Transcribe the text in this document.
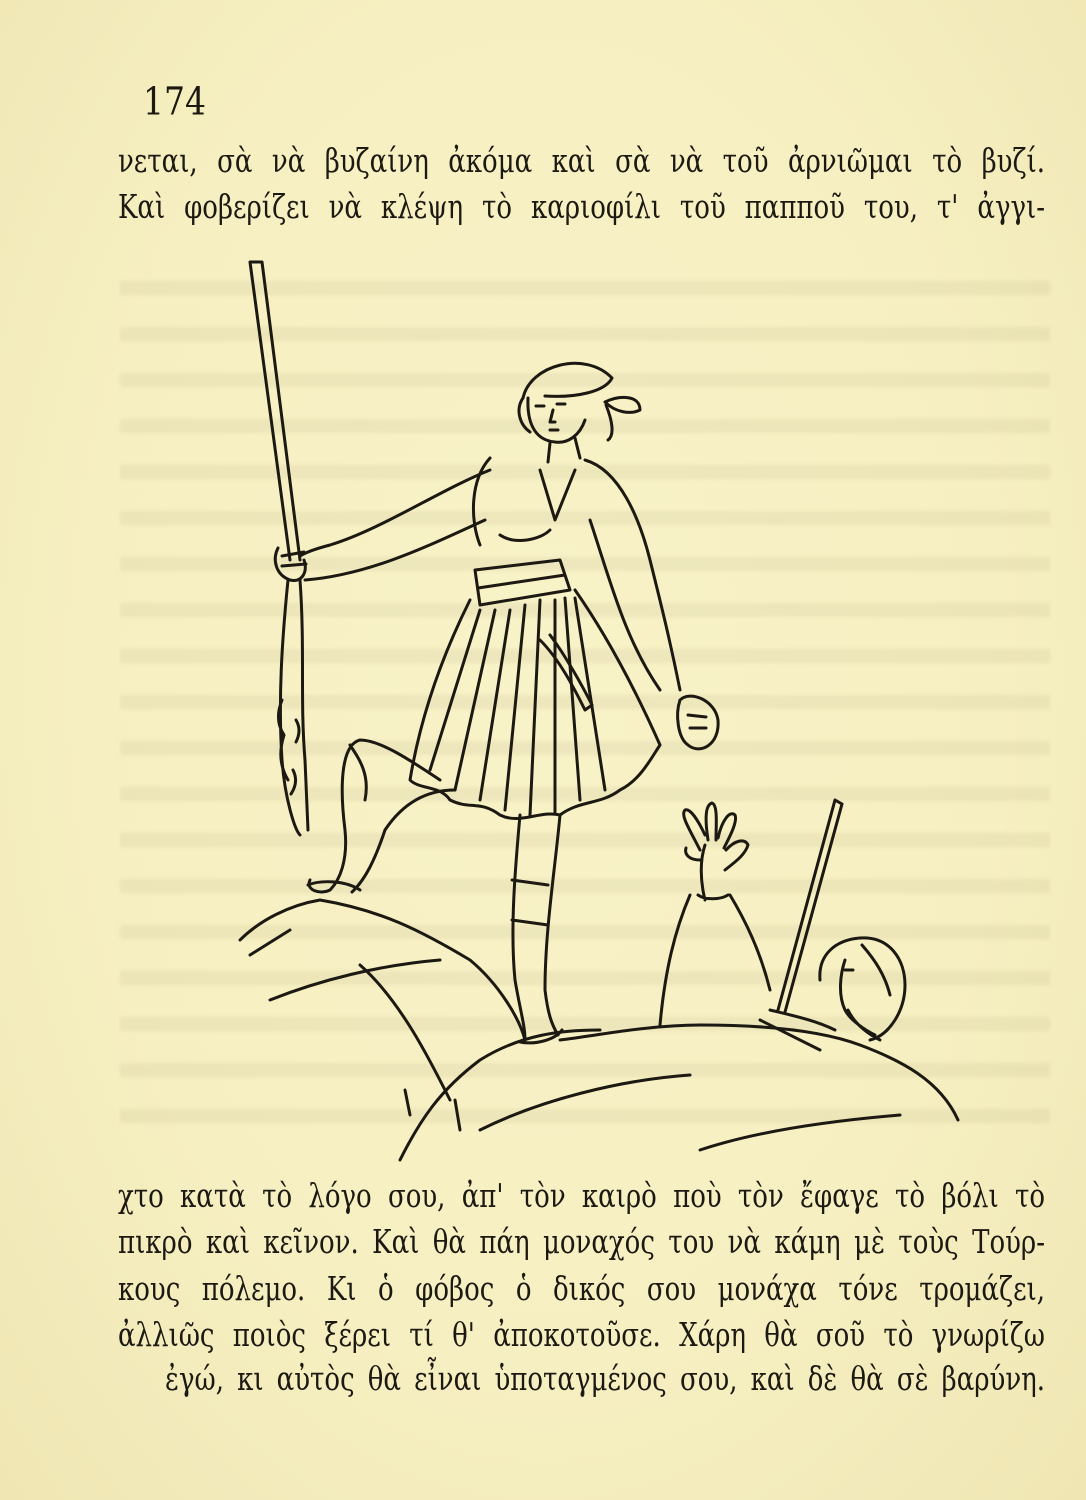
174
νεται, σὰ νὰ βυζαίνη ἀκόμα καὶ σὰ νὰ τοῦ ἀρνιῶμαι τὸ βυζί.
Καὶ φοβερίζει νὰ κλέψη τὸ καριοφίλι τοῦ παπποῦ του, τ' ἀγγι-
χτο κατὰ τὸ λόγο σου, ἀπ' τὸν καιρὸ ποὺ τὸν ἔφαγε τὸ βόλι τὸ
πικρὸ καὶ κεῖνον. Καὶ θὰ πάη μοναχός του νὰ κάμη μὲ τοὺς Τούρ-
κους πόλεμο. Κι ὁ φόβος ὁ δικός σου μονάχα τόνε τρομάζει,
ἀλλιῶς ποιὸς ξέρει τί θ' ἀποκοτοῦσε. Χάρη θὰ σοῦ τὸ γνωρίζω
ἐγώ, κι αὐτὸς θὰ εἶναι ὑποταγμένος σου, καὶ δὲ θὰ σὲ βαρύνη.
